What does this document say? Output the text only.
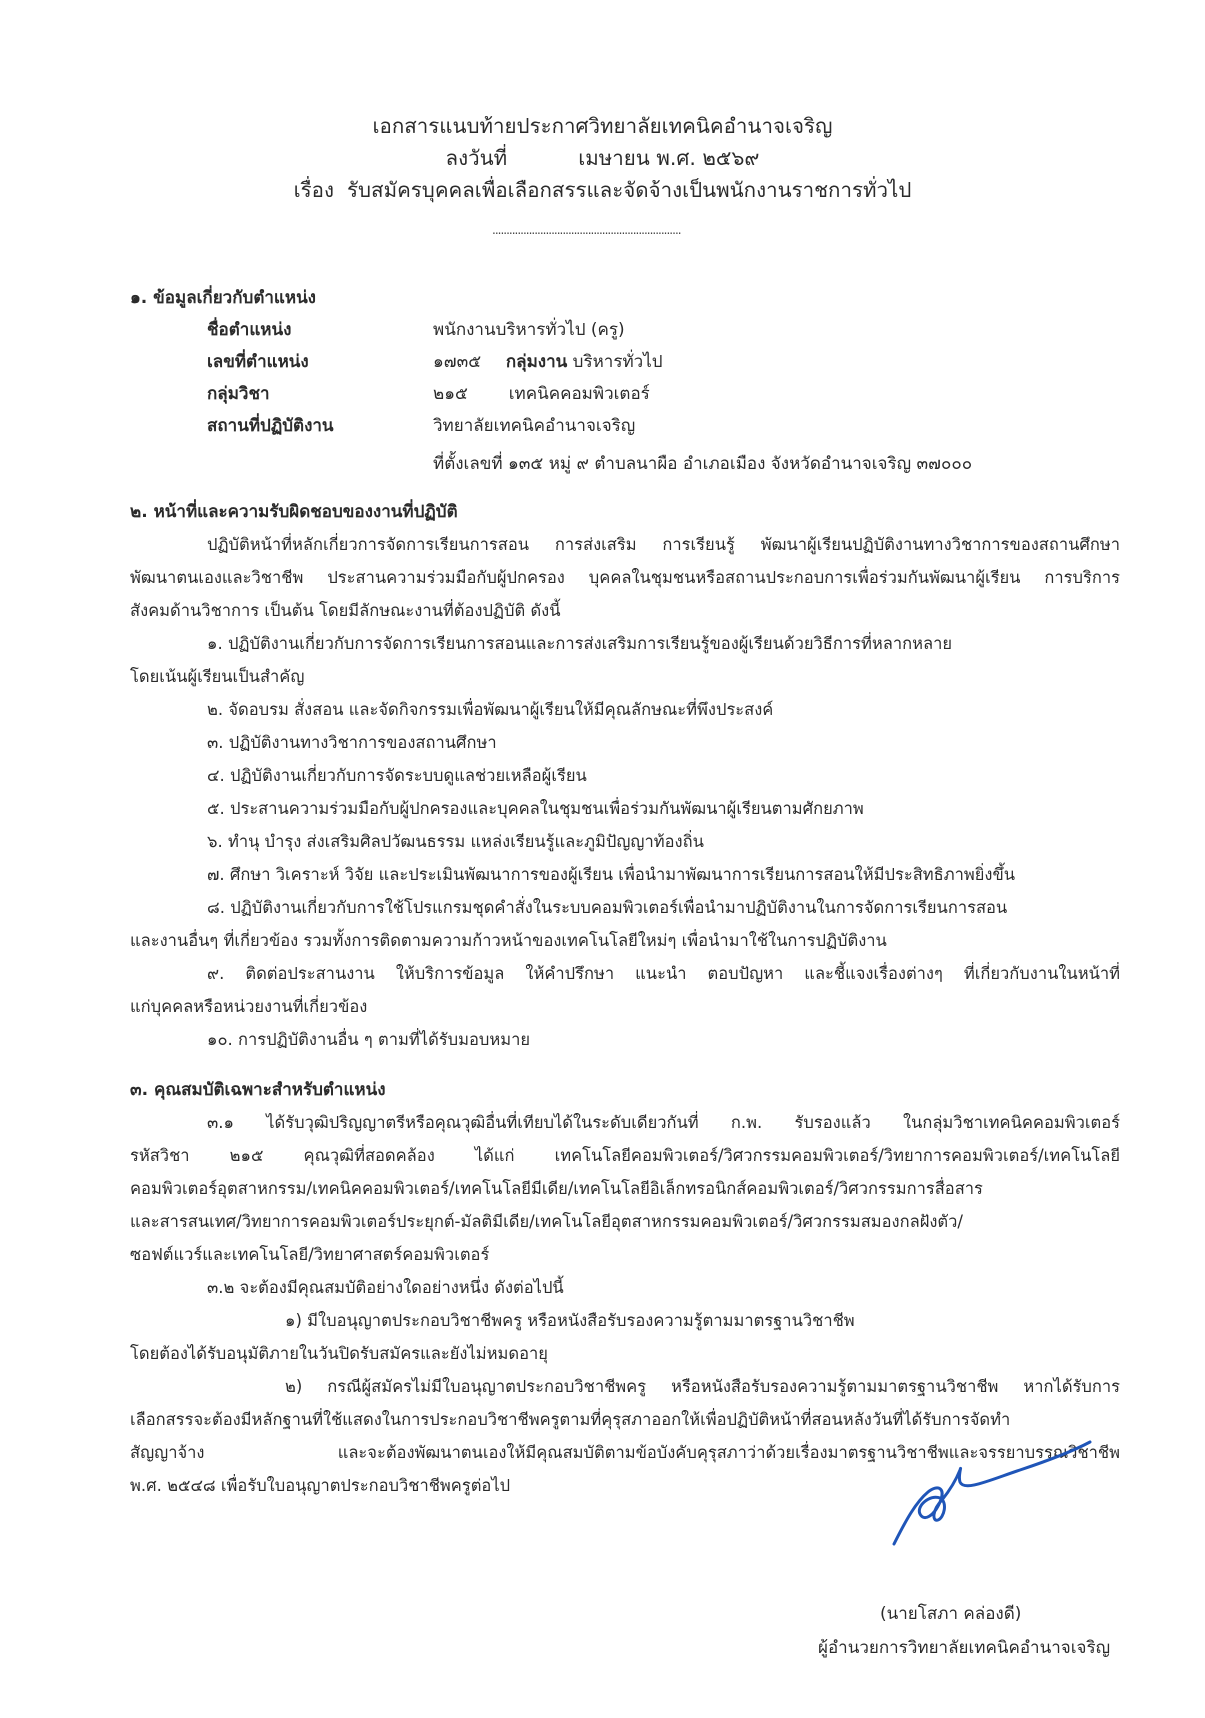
เอกสารแนบท้ายประกาศวิทยาลัยเทคนิคอำนาจเจริญ
ลงวันที่	เมษายน พ.ศ. ๒๕๖๙
เรื่อง รับสมัครบุคคลเพื่อเลือกสรรและจัดจ้างเป็นพนักงานราชการทั่วไป
...................................................................
๑. ข้อมูลเกี่ยวกับตำแหน่ง
ชื่อตำแหน่ง	พนักงานบริหารทั่วไป (ครู)
เลขที่ตำแหน่ง	๑๗๓๕ กลุ่มงาน บริหารทั่วไป
กลุ่มวิชา	๒๑๕ เทคนิคคอมพิวเตอร์
สถานที่ปฏิบัติงาน	วิทยาลัยเทคนิคอำนาจเจริญ
ที่ตั้งเลขที่ ๑๓๕ หมู่ ๙ ตำบลนาผือ อำเภอเมือง จังหวัดอำนาจเจริญ ๓๗๐๐๐
๒. หน้าที่และความรับผิดชอบของงานที่ปฏิบัติ
ปฏิบัติหน้าที่หลักเกี่ยวการจัดการเรียนการสอน การส่งเสริม การเรียนรู้ พัฒนาผู้เรียนปฏิบัติงานทางวิชาการของสถานศึกษา
พัฒนาตนเองและวิชาชีพ ประสานความร่วมมือกับผู้ปกครอง บุคคลในชุมชนหรือสถานประกอบการเพื่อร่วมกันพัฒนาผู้เรียน การบริการ
สังคมด้านวิชาการ เป็นต้น โดยมีลักษณะงานที่ต้องปฏิบัติ ดังนี้
๑. ปฏิบัติงานเกี่ยวกับการจัดการเรียนการสอนและการส่งเสริมการเรียนรู้ของผู้เรียนด้วยวิธีการที่หลากหลาย
โดยเน้นผู้เรียนเป็นสำคัญ
๒. จัดอบรม สั่งสอน และจัดกิจกรรมเพื่อพัฒนาผู้เรียนให้มีคุณลักษณะที่พึงประสงค์
๓. ปฏิบัติงานทางวิชาการของสถานศึกษา
๔. ปฏิบัติงานเกี่ยวกับการจัดระบบดูแลช่วยเหลือผู้เรียน
๕. ประสานความร่วมมือกับผู้ปกครองและบุคคลในชุมชนเพื่อร่วมกันพัฒนาผู้เรียนตามศักยภาพ
๖. ทำนุ บำรุง ส่งเสริมศิลปวัฒนธรรม แหล่งเรียนรู้และภูมิปัญญาท้องถิ่น
๗. ศึกษา วิเคราะห์ วิจัย และประเมินพัฒนาการของผู้เรียน เพื่อนำมาพัฒนาการเรียนการสอนให้มีประสิทธิภาพยิ่งขึ้น
๘. ปฏิบัติงานเกี่ยวกับการใช้โปรแกรมชุดคำสั่งในระบบคอมพิวเตอร์เพื่อนำมาปฏิบัติงานในการจัดการเรียนการสอน
และงานอื่นๆ ที่เกี่ยวข้อง รวมทั้งการติดตามความก้าวหน้าของเทคโนโลยีใหม่ๆ เพื่อนำมาใช้ในการปฏิบัติงาน
๙. ติดต่อประสานงาน ให้บริการข้อมูล ให้คำปรึกษา แนะนำ ตอบปัญหา และชี้แจงเรื่องต่างๆ ที่เกี่ยวกับงานในหน้าที่
แก่บุคคลหรือหน่วยงานที่เกี่ยวข้อง
๑๐. การปฏิบัติงานอื่น ๆ ตามที่ได้รับมอบหมาย
๓. คุณสมบัติเฉพาะสำหรับตำแหน่ง
๓.๑ ได้รับวุฒิปริญญาตรีหรือคุณวุฒิอื่นที่เทียบได้ในระดับเดียวกันที่ ก.พ. รับรองแล้ว ในกลุ่มวิชาเทคนิคคอมพิวเตอร์
รหัสวิชา ๒๑๕ คุณวุฒิที่สอดคล้อง ได้แก่ เทคโนโลยีคอมพิวเตอร์/วิศวกรรมคอมพิวเตอร์/วิทยาการคอมพิวเตอร์/เทคโนโลยี
คอมพิวเตอร์อุตสาหกรรม/เทคนิคคอมพิวเตอร์/เทคโนโลยีมีเดีย/เทคโนโลยีอิเล็กทรอนิกส์คอมพิวเตอร์/วิศวกรรมการสื่อสาร
และสารสนเทศ/วิทยาการคอมพิวเตอร์ประยุกต์-มัลติมีเดีย/เทคโนโลยีอุตสาหกรรมคอมพิวเตอร์/วิศวกรรมสมองกลฝังตัว/
ซอฟต์แวร์และเทคโนโลยี/วิทยาศาสตร์คอมพิวเตอร์
๓.๒ จะต้องมีคุณสมบัติอย่างใดอย่างหนึ่ง ดังต่อไปนี้
๑) มีใบอนุญาตประกอบวิชาชีพครู หรือหนังสือรับรองความรู้ตามมาตรฐานวิชาชีพ
โดยต้องได้รับอนุมัติภายในวันปิดรับสมัครและยังไม่หมดอายุ
๒) กรณีผู้สมัครไม่มีใบอนุญาตประกอบวิชาชีพครู หรือหนังสือรับรองความรู้ตามมาตรฐานวิชาชีพ หากได้รับการ
เลือกสรรจะต้องมีหลักฐานที่ใช้แสดงในการประกอบวิชาชีพครูตามที่คุรุสภาออกให้เพื่อปฏิบัติหน้าที่สอนหลังวันที่ได้รับการจัดทำ
สัญญาจ้าง และจะต้องพัฒนาตนเองให้มีคุณสมบัติตามข้อบังคับคุรุสภาว่าด้วยเรื่องมาตรฐานวิชาชีพและจรรยาบรรณวิชาชีพ
พ.ศ. ๒๕๔๘ เพื่อรับใบอนุญาตประกอบวิชาชีพครูต่อไป
(นายโสภา คล่องดี)
ผู้อำนวยการวิทยาลัยเทคนิคอำนาจเจริญ
